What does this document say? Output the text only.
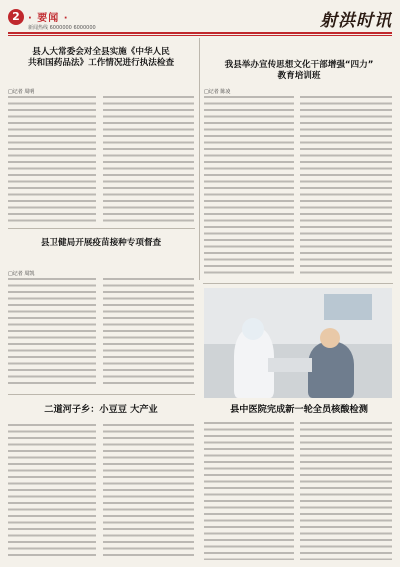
2 · 要闻 ·
新闻热线 6000000 6000000	射洪时讯
县人大常委会对全县实施《中华人民
共和国药品法》工作情况进行执法检查
□记者 周明
我县举办宣传思想文化干部增强“四力”
教育培训班
□记者 陈凌
县卫健局开展疫苗接种专项督查
□记者 周凯
县中医院完成新一轮全员核酸检测
二道河子乡：小豆豆 大产业
